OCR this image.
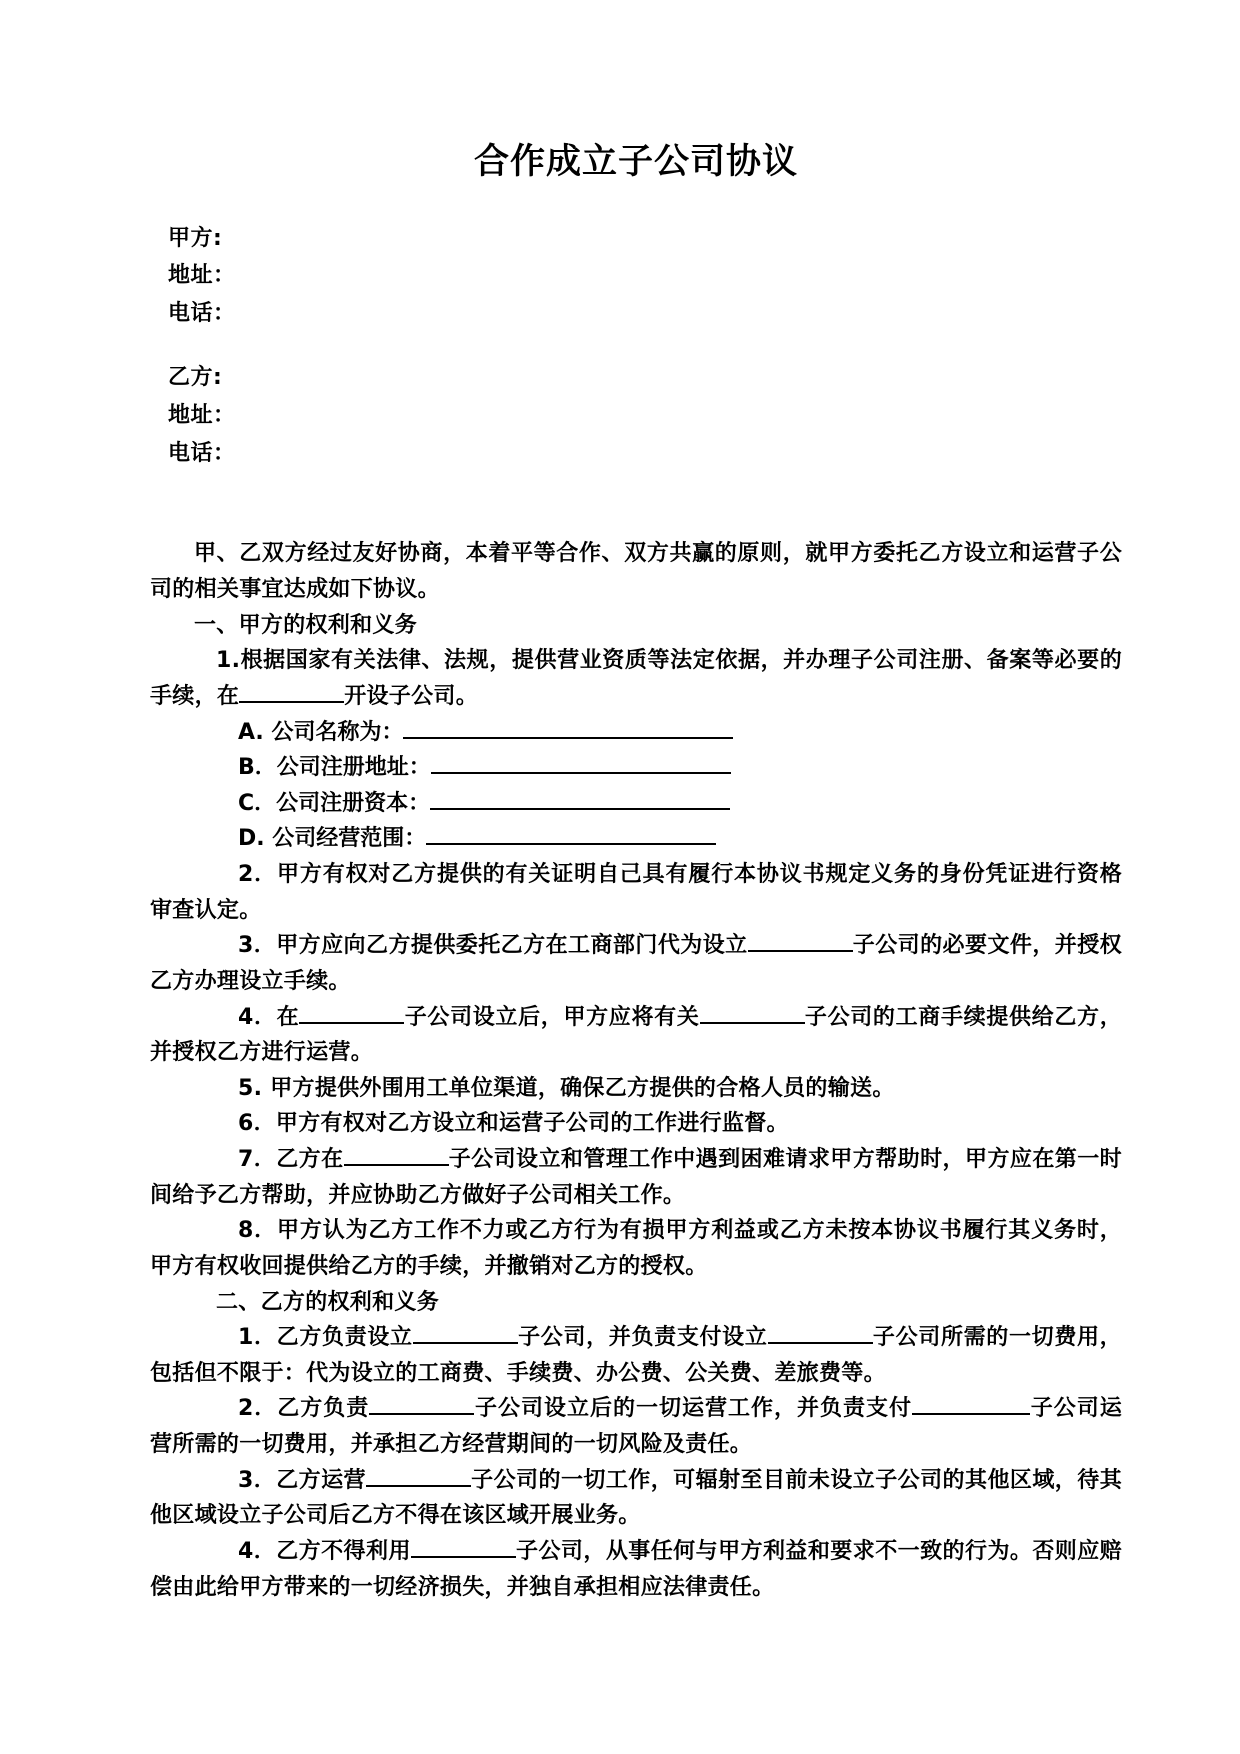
合作成立子公司协议
甲方:
地址：
电话：
乙方:
地址：
电话：

甲、乙双方经过友好协商，本着平等合作、双方共赢的原则，就甲方委托乙方设立和运营子公司的相关事宜达成如下协议。

一、甲方的权利和义务

1.根据国家有关法律、法规，提供营业资质等法定依据，并办理子公司注册、备案等必要的手续，在	开设子公司。

A. 公司名称为：
B．公司注册地址：
C．公司注册资本：
D. 公司经营范围：

2．甲方有权对乙方提供的有关证明自己具有履行本协议书规定义务的身份凭证进行资格审查认定。

3．甲方应向乙方提供委托乙方在工商部门代为设立	子公司的必要文件，并授权乙方办理设立手续。

4．在	子公司设立后，甲方应将有关	子公司的工商手续提供给乙方，并授权乙方进行运营。

5. 甲方提供外围用工单位渠道，确保乙方提供的合格人员的输送。

6．甲方有权对乙方设立和运营子公司的工作进行监督。

7．乙方在	子公司设立和管理工作中遇到困难请求甲方帮助时，甲方应在第一时间给予乙方帮助，并应协助乙方做好子公司相关工作。

8．甲方认为乙方工作不力或乙方行为有损甲方利益或乙方未按本协议书履行其义务时，甲方有权收回提供给乙方的手续，并撤销对乙方的授权。

二、乙方的权利和义务

1．乙方负责设立	子公司，并负责支付设立	子公司所需的一切费用，包括但不限于：代为设立的工商费、手续费、办公费、公关费、差旅费等。

2．乙方负责	子公司设立后的一切运营工作，并负责支付	子公司运营所需的一切费用，并承担乙方经营期间的一切风险及责任。

3．乙方运营	子公司的一切工作，可辐射至目前未设立子公司的其他区域，待其他区域设立子公司后乙方不得在该区域开展业务。

4．乙方不得利用	子公司，从事任何与甲方利益和要求不一致的行为。否则应赔偿由此给甲方带来的一切经济损失，并独自承担相应法律责任。
